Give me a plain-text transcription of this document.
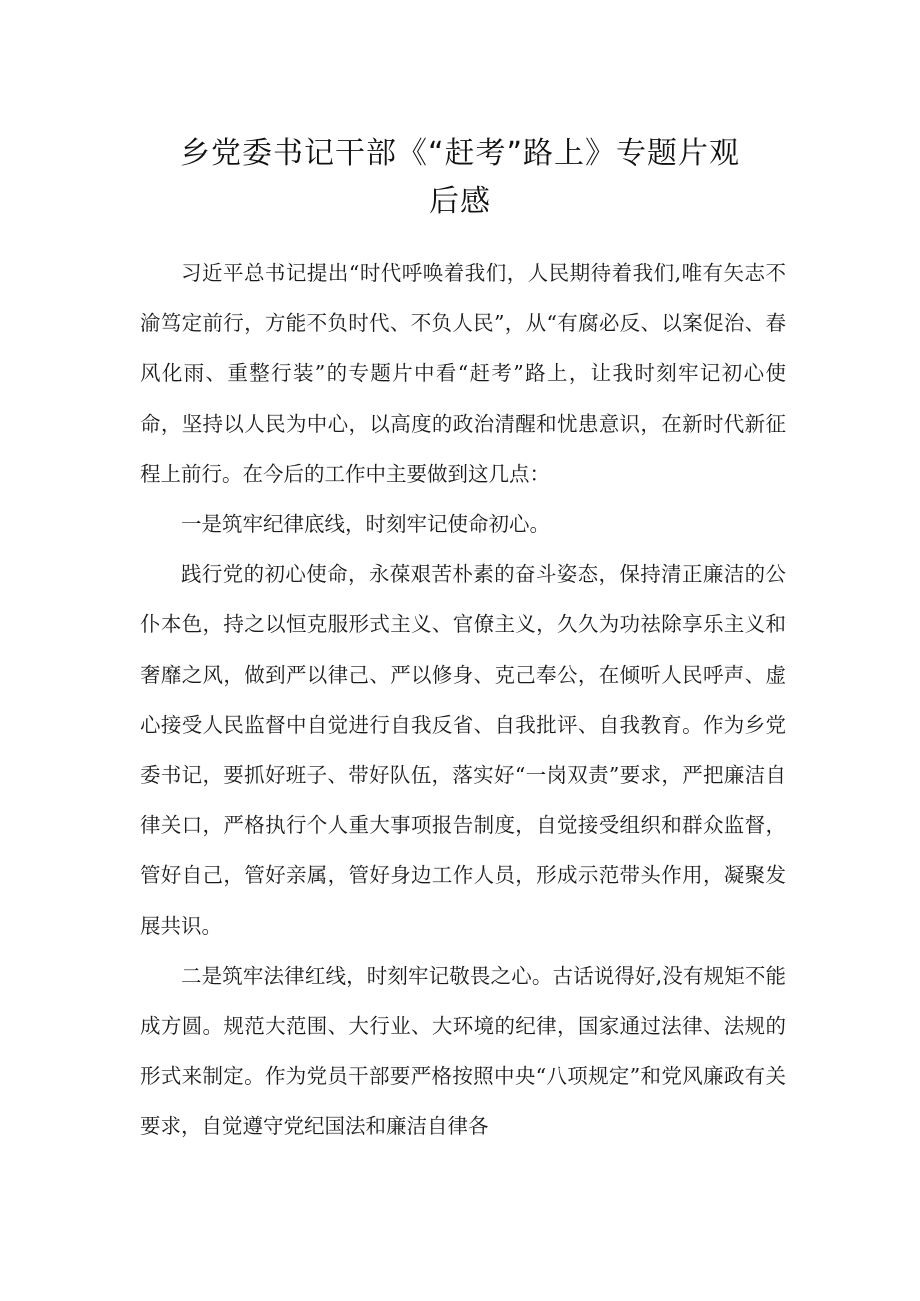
乡党委书记干部《“赶考”路上》专题片观
后感

习近平总书记提出“时代呼唤着我们，人民期待着我们,唯有矢志不渝笃定前行，方能不负时代、不负人民”，从“有腐必反、以案促治、春风化雨、重整行装”的专题片中看“赶考”路上，让我时刻牢记初心使命，坚持以人民为中心，以高度的政治清醒和忧患意识，在新时代新征程上前行。在今后的工作中主要做到这几点：

一是筑牢纪律底线，时刻牢记使命初心。

践行党的初心使命，永葆艰苦朴素的奋斗姿态，保持清正廉洁的公仆本色，持之以恒克服形式主义、官僚主义，久久为功祛除享乐主义和奢靡之风，做到严以律己、严以修身、克己奉公，在倾听人民呼声、虚心接受人民监督中自觉进行自我反省、自我批评、自我教育。作为乡党委书记，要抓好班子、带好队伍，落实好“一岗双责”要求，严把廉洁自律关口，严格执行个人重大事项报告制度，自觉接受组织和群众监督，管好自己，管好亲属，管好身边工作人员，形成示范带头作用，凝聚发展共识。

二是筑牢法律红线，时刻牢记敬畏之心。古话说得好,没有规矩不能成方圆。规范大范围、大行业、大环境的纪律，国家通过法律、法规的形式来制定。作为党员干部要严格按照中央“八项规定”和党风廉政有关要求，自觉遵守党纪国法和廉洁自律各
